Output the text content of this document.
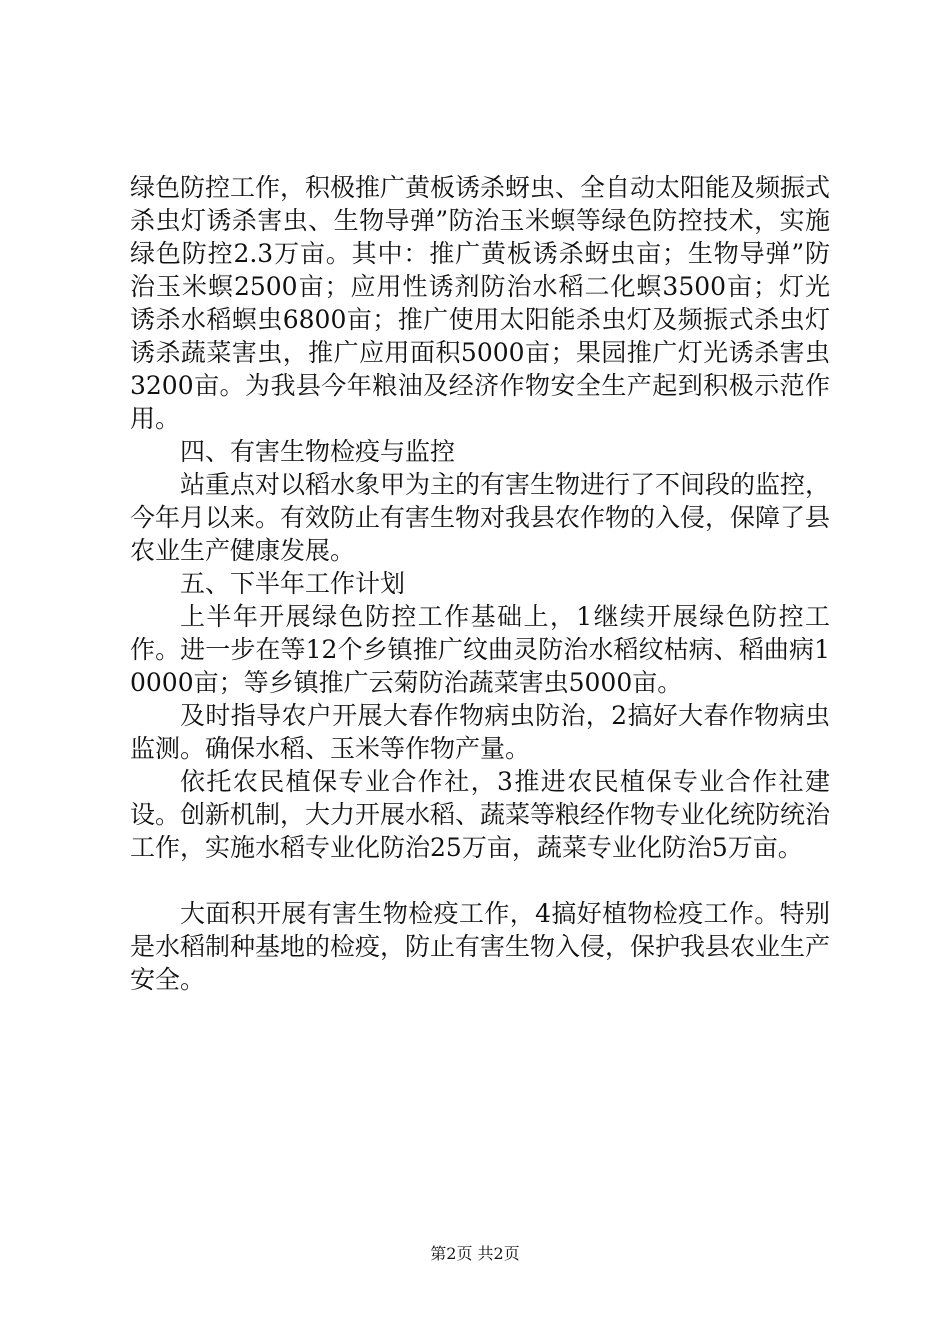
绿色防控工作，积极推广黄板诱杀蚜虫、全自动太阳能及频振式杀虫灯诱杀害虫、生物导弹”防治玉米螟等绿色防控技术，实施绿色防控2.3万亩。其中：推广黄板诱杀蚜虫亩；生物导弹”防治玉米螟2500亩；应用性诱剂防治水稻二化螟3500亩；灯光诱杀水稻螟虫6800亩；推广使用太阳能杀虫灯及频振式杀虫灯诱杀蔬菜害虫，推广应用面积5000亩；果园推广灯光诱杀害虫3200亩。为我县今年粮油及经济作物安全生产起到积极示范作用。

四、有害生物检疫与监控

站重点对以稻水象甲为主的有害生物进行了不间段的监控，今年月以来。有效防止有害生物对我县农作物的入侵，保障了县农业生产健康发展。

五、下半年工作计划

上半年开展绿色防控工作基础上，1继续开展绿色防控工作。进一步在等12个乡镇推广纹曲灵防治水稻纹枯病、稻曲病10000亩；等乡镇推广云菊防治蔬菜害虫5000亩。

及时指导农户开展大春作物病虫防治，2搞好大春作物病虫监测。确保水稻、玉米等作物产量。

依托农民植保专业合作社，3推进农民植保专业合作社建设。创新机制，大力开展水稻、蔬菜等粮经作物专业化统防统治工作，实施水稻专业化防治25万亩，蔬菜专业化防治5万亩。

大面积开展有害生物检疫工作，4搞好植物检疫工作。特别是水稻制种基地的检疫，防止有害生物入侵，保护我县农业生产安全。

第2页 共2页
